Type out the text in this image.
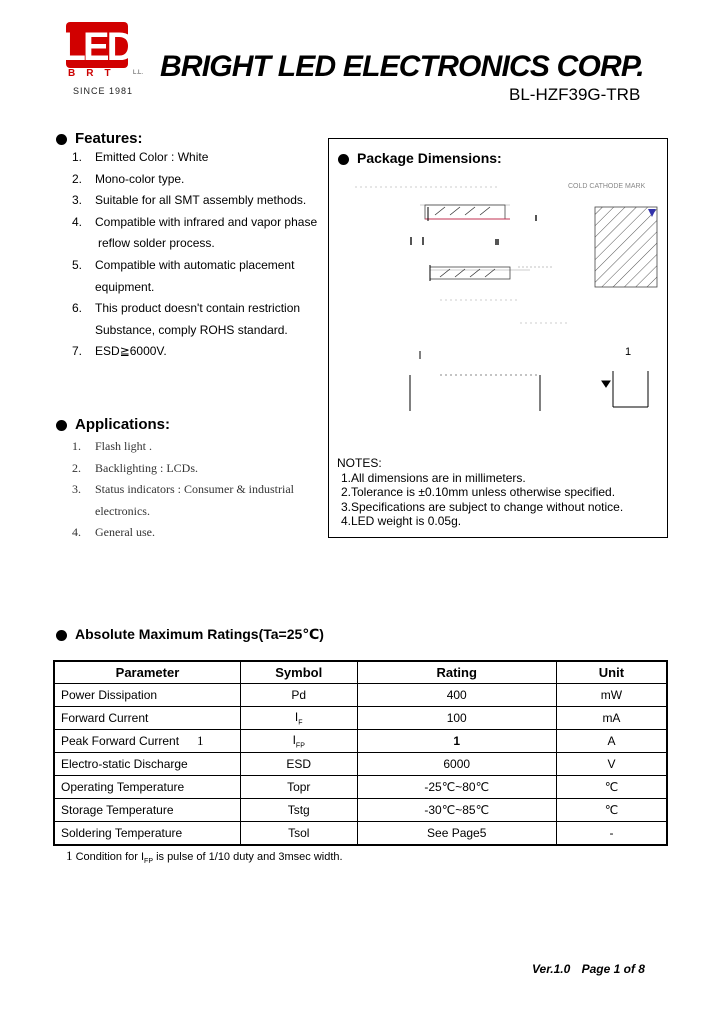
LED
BRT	L.L.
SINCE 1981
BRIGHT LED ELECTRONICS CORP.
BL-HZF39G-TRB
Features:
1. Emitted Color : White
2. Mono-color type.
3. Suitable for all SMT assembly methods.
4. Compatible with infrared and vapor phase
reflow solder process.
5. Compatible with automatic placement
equipment.
6. This product doesn't contain restriction
Substance, comply ROHS standard.
7. ESD≧6000V.
Applications:
1. Flash light .
2. Backlighting : LCDs.
3. Status indicators : Consumer & industrial
electronics.
4. General use.
Package Dimensions:
COLD CATHODE MARK
1
NOTES:
1.All dimensions are in millimeters.
2.Tolerance is ±0.10mm unless otherwise specified.
3.Specifications are subject to change without notice.
4.LED weight is 0.05g.
Absolute Maximum Ratings(Ta=25℃)
Parameter	Symbol	Rating	Unit
Power Dissipation	Pd	400	mW
Forward Current	$I_F$	100	mA
Peak Forward Current 1	$I_{FP}$	1	A
Electro-static Discharge	ESD	6000	V
Operating Temperature	Topr	-25℃~80℃	℃
Storage Temperature	Tstg	-30℃~85℃	℃
Soldering Temperature	Tsol	See Page5	-
1 Condition for $I_{FP}$ is pulse of 1/10 duty and 3msec width.
Ver.1.0 Page 1 of 8
